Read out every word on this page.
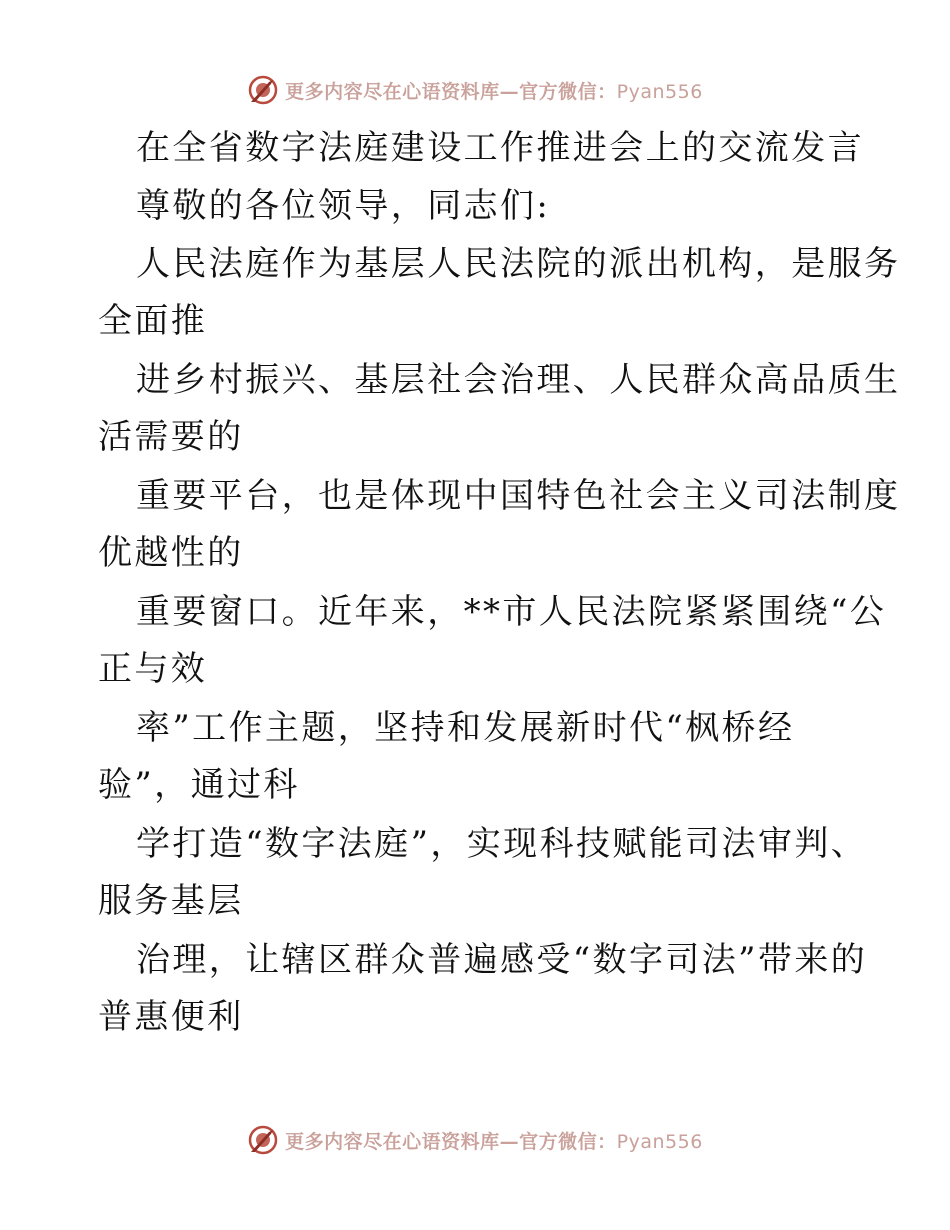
更多内容尽在心语资料库—官方微信：Pyan556
在全省数字法庭建设工作推进会上的交流发言
尊敬的各位领导，同志们:
人民法庭作为基层人民法院的派出机构，是服务
全面推
进乡村振兴、基层社会治理、人民群众高品质生
活需要的
重要平台，也是体现中国特色社会主义司法制度
优越性的
重要窗口。近年来，**市人民法院紧紧围绕“公
正与效
率”工作主题，坚持和发展新时代“枫桥经
验”，通过科
学打造“数字法庭”，实现科技赋能司法审判、
服务基层
治理，让辖区群众普遍感受“数字司法”带来的
普惠便利
更多内容尽在心语资料库—官方微信：Pyan556
